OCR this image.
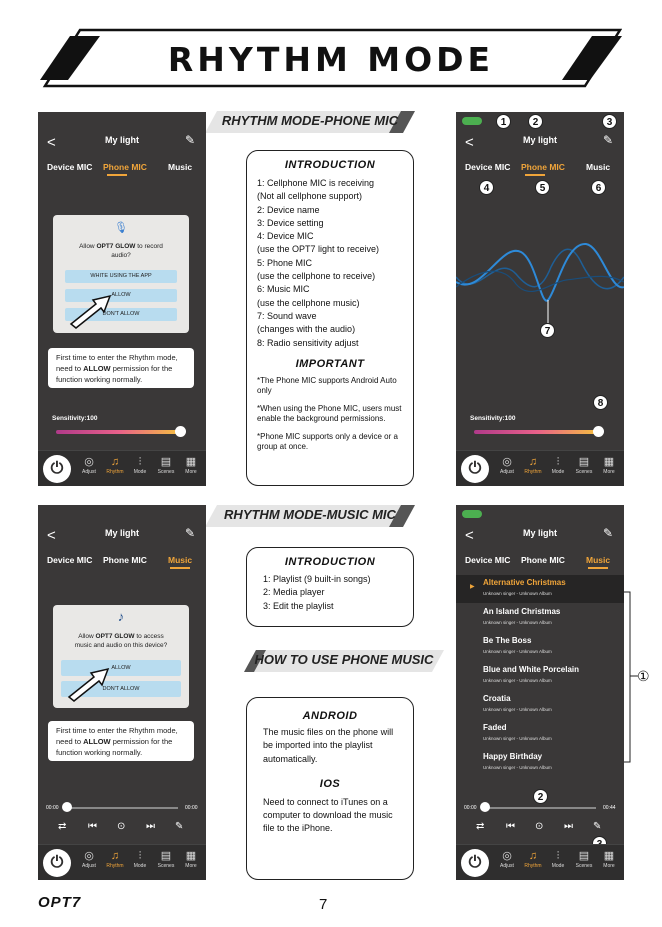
RHYTHM MODE
RHYTHM MODE-PHONE MIC
RHYTHM MODE-MUSIC MIC
HOW TO USE PHONE MUSIC
<	My light	✎
Device MIC Phone MIC Music
🎙
Allow OPT7 GLOW to record
audio?
WHITE USING THE APP
ALLOW
DON'T ALLOW
First time to enter the Rhythm mode,
need to ALLOW permission for the
function working normally.
Sensitivity:100
⏻	◎
Adjust
♫
Rhythm
⫶
Mode
▤
Scenes
▦
More
<	My light	✎
Device MIC Phone MIC Music
1	2	3
4	5	6
7
Sensitivity:100
8
⏻	◎
Adjust
♫
Rhythm
⫶
Mode
▤
Scenes
▦
More
<	My light	✎
Device MIC Phone MIC Music
♪
Allow OPT7 GLOW to access
music and audio on this device?
ALLOW
DON'T ALLOW
First time to enter the Rhythm mode,
need to ALLOW permission for the
function working normally.
00:00	00:00
⇄ ⏮ ⊙ ⏭ ✎
⏻	◎
Adjust
♫
Rhythm
⫶
Mode
▤
Scenes
▦
More
<	My light	✎
Device MIC Phone MIC Music
▶ Alternative Christmas
Unknown singer - Unknown Album
An Island Christmas
Unknown singer - Unknown Album
Be The Boss
Unknown singer - Unknown Album
Blue and White Porcelain
Unknown singer - Unknown Album
Croatia
Unknown singer - Unknown Album
Faded
Unknown singer - Unknown Album
Happy Birthday
Unknown singer - Unknown Album
00:00	00:44
2
⇄ ⏮ ⊙ ⏭ ✎
⏻	◎
Adjust
♫
Rhythm
⫶
Mode
▤
Scenes
▦
More
①
INTRODUCTION
1: Cellphone MIC is receiving
(Not all cellphone support)
2: Device name
3: Device setting
4: Device MIC
(use the OPT7 light to receive)
5: Phone MIC
(use the cellphone to receive)
6: Music MIC
(use the cellphone music)
7: Sound wave
(changes with the audio)
8: Radio sensitivity adjust
IMPORTANT
*The Phone MIC supports Android Auto only
*When using the Phone MIC, users must enable the background permissions.
*Phone MIC supports only a device or a group at once.
INTRODUCTION
1: Playlist (9 built-in songs)
2: Media player
3: Edit the playlist
ANDROID
The music files on the phone will be imported into the playlist automatically.
IOS
Need to connect to iTunes on a computer to download the music file to the iPhone.
OPT7	7
